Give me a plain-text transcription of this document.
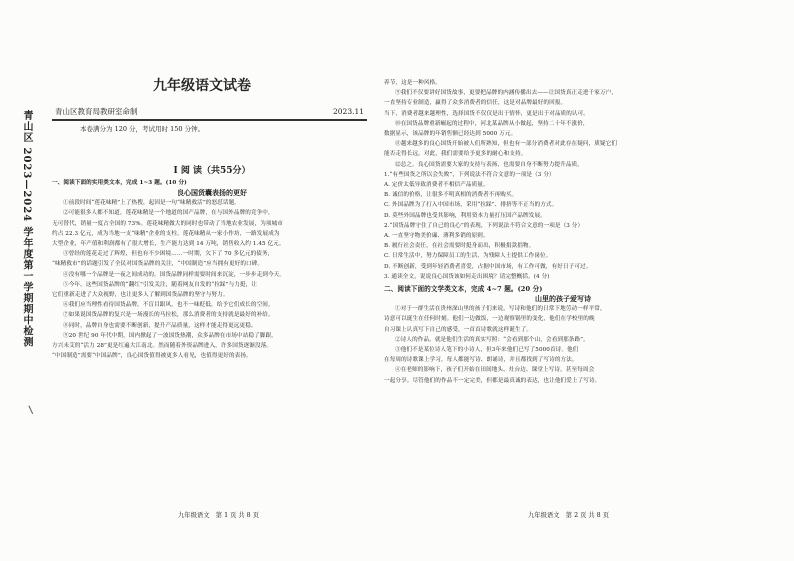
青山区 2023—2024 学年度第一学期期中检测
九年级语文试卷
青山区教育局教研室命制	2023.11
本卷满分为 120 分，考试用时 150 分钟。
I 阅 读（共55分）
一、阅读下面的实用类文本，完成 1~3 题。(10 分)
良心国货囊表扬的更好
①前段时间“莲花味精”上了热搜，起因是一句“味精救活”的怒怼话题。
②可能很多人都不知道，莲花味精是一个地道的国产品牌，在与国外品牌的竞争中，
无可替代，销量一度占全国的 73%。莲花味精做大的同时也带动了当地农业发展，为项城市
约占 22.3 亿元，成为当地一支“味精”企业的支柱。莲花味精从一家小作坊，一路发展成为
大型企业，年产值和利润都有了很大增长，生产能力达到 14 万吨，销售收入约 1.45 亿元。
③曾经的莲花走过了辉煌，但也有不少困境……一时期，欠下了 70 多亿元的债务，
“味精救市”的话题引发了全民对国货品牌的关注，“中国制造”应当拥有更好的口碑。
④没有哪一个品牌是一夜之间成功的，国货品牌同样需要时间来沉淀，一步步走到今天。
⑤今年，这些国货品牌的“翻红”引发关注，随着网友自发的“拉踩”与力挺，让
它们重新走进了大众视野，也让更多人了解到国货品牌的坚守与努力。
⑥我们应当理性看待国货品牌，不盲目跟风，也不一味贬低，给予它们成长的空间。
⑦如果说国货品牌的复兴是一场漫长的马拉松，那么消费者的支持就是最好的补给。
⑧同时，品牌自身也需要不断创新，提升产品质量，这样才能走得更远更稳。
⑨20 世纪 90 年代中期，国内掀起了一波国货热潮，众多品牌在市场中站稳了脚跟，
方兴未艾的“活力 28”更是红遍大江南北。然而随着外资品牌进入，许多国货逐渐没落。
“中国制造”需要“中国品牌”，良心国货值得被更多人看见，也值得更好的表扬。
九年级语文　第 1 页 共 8 页
养节，这是一种风格。
⑨我们不仅要讲好国货故事，更要把品牌的内涵传播出去——让国货真正走进千家万户，
一直坚持专业制造，赢得了众多消费者的信任，这是对品牌最好的回报。
当下，消费者越来越理性，选择国货不仅仅是出于情怀，更是出于对品质的认可。
⑩在国货品牌重新崛起的过程中，河北某品牌从小做起，坚持二十年不涨价，
数据显示，该品牌的年销售额已经达到 5000 万元。
⑪越来越多的良心国货开始被人们所熟知，但也有一部分消费者对此存在疑问，质疑它们
能否走得长远。对此，我们需要给予更多的耐心和支持。
⑫总之，良心国货需要大家的支持与表扬，也需要自身不断努力提升品质。
1.“有些国货之所以会失败”，下列说法不符合文意的一项是（3 分）
A. 定价太低导致消费者不相信产品质量。
B. 诚信的价格，让很多不明真相的消费者不再购买。
C. 外国品牌为了打入中国市场，采用“拉踩”、排挤等不正当的方式。
D. 莫些外国品牌也受其影响，利用资本力量打压国产品牌发展。
2.“国货品牌守住了自己的良心”的表现，下列说法不符合文意的一项是（3 分）
A. 一直坚守物美价廉、薄利多销的原则。
B. 履行社会责任，在社会需要时挺身而出，积极捐款捐物。
C. 日常生活中，努力保障员工的生活，为残障人士提供工作岗位。
D. 不断创新，受到年轻消费者喜爱，占据中国市场，有工作可做，有好日子可过。
3. 通读全文，说说良心国货该如何走出困境？请完整概括。(4 分)
二、阅读下面的文学类文本，完成 4~7 题。(20 分)
山里的孩子爱写诗
①对于一群生活在贵州深山里的孩子们来说，写诗和他们的日常下地劳动一样平常，
诗意可以诞生在任何时刻。他们一边做饭，一边观察锅里的变化，他们在学校里的晚
自习课上认真写下自己的感受，一首首诗歌就这样诞生了。
②诗人的作品，就是他们生活的真实写照：“会看到那个山，会看到那条路”。
③他们不是某位诗人笔下的小诗人，但3年来他们已写了5000首诗。他们
在每周的诗歌课上学习，每人都能写诗、朗诵诗，并且都找到了写诗的方法。
④在老师的影响下，孩子们开始在田间地头、灶台边、课堂上写诗，甚至每周会
一起分享。尽管他们的作品不一定完美，但都是最真诚的表达，也让他们爱上了写诗。
九年级语文　第 2 页 共 8 页
